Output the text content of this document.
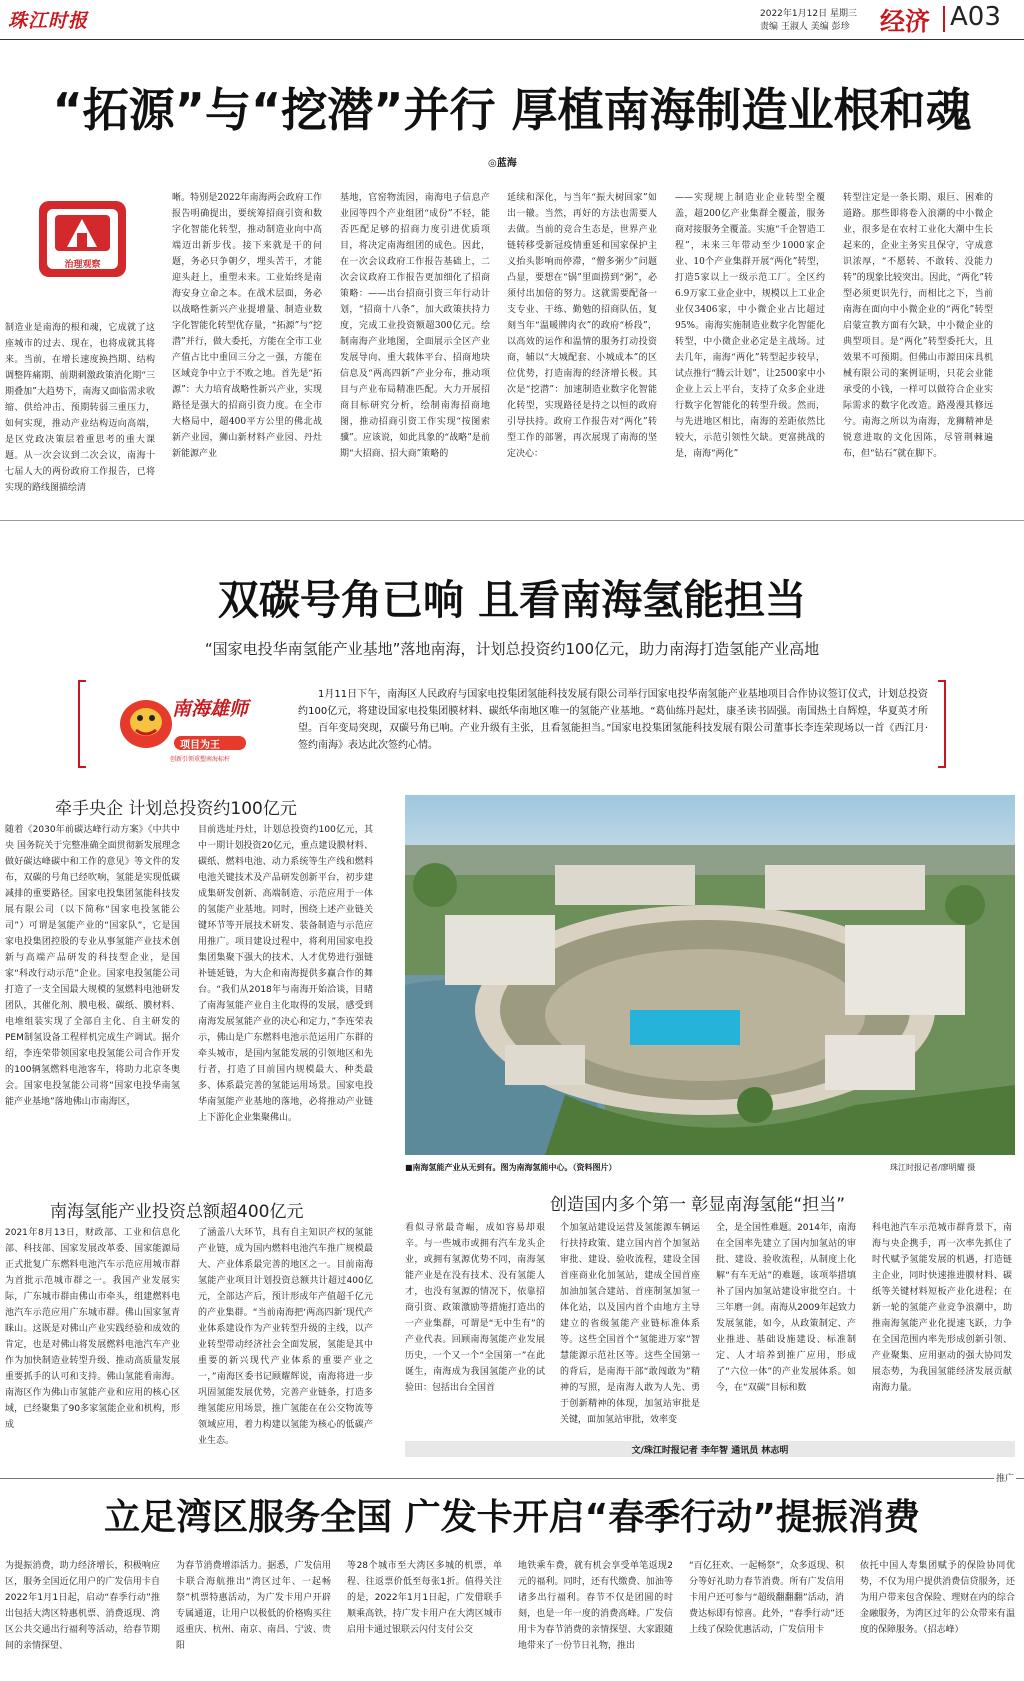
珠江时报	2022年1月12日 星期三
责编 王淑人 美编 彭珍 经济 A03
“拓源”与“挖潜”并行 厚植南海制造业根和魂
◎蓝海
治理观察
制造业是南海的根和魂，它成就了这座城市的过去、现在，也将成就其将来。当前，在增长速度换挡期、结构调整阵痛期、前期刺激政策消化期“三期叠加”大趋势下，南海又面临需求收缩、供给冲击、预期转弱三重压力，如何实现，推动产业结构迈向高端，是区党政决策层着重思考的重大课题。从一次会议到二次会议，南海十七届人大的两份政府工作报告，已将实现的路线图描绘清
晰。特别是2022年南海两会政府工作报告明确提出，要统筹招商引资和数字化智能化转型，推动制造业向中高端迈出新步伐。接下来就是干的问题，务必只争朝夕，埋头苦干，才能迎头赶上，重塑未来。工业始终是南海安身立命之本。在战术层面，务必以战略性新兴产业提增量、制造业数字化智能化转型优存量，“拓源”与“挖潜”并行，做大委托，方能在全市工业产值占比中重回三分之一强，方能在区域竞争中立于不败之地。首先是“拓源”：大力培育战略性新兴产业，实现路径是强大的招商引资力度。在全市大格局中，超400平方公里的佛北战新产业园，狮山新材料产业园、丹灶新能源产业
基地，官窑物流园，南海电子信息产业园等四个产业组团“成份”不轻，能否匹配足够的招商力度引进优质项目，将决定南海组团的成色。因此，在一次会议政府工作报告基础上，二次会议政府工作报告更加细化了招商策略：——出台招商引资三年行动计划，“招商十八条”，加大政策扶持力度，完成工业投资额超300亿元。绘制南海产业地图，全面展示全区产业发展导向、重大载体平台、招商地块信息及“两高四新”产业分布，推动项目与产业布局精准匹配。大力开展招商目标研究分析，绘制南海招商地图，推动招商引资工作实现“按图索骥”。应该说，如此具象的“战略”是前期“大招商、招大商”策略的
延续和深化，与当年“振大树回家”如出一辙。当然，再好的方法也需要人去做。当前的竞合生态是，世界产业链转移受新冠疫情重延和国家保护主义抬头影响而停滞，“僧多粥少”问题凸显，要想在“锅”里面捞到“粥”，必须付出加倍的努力。这就需要配备一支专业、干练、勤勉的招商队伍，复刻当年“温暖牌肉衣”的政府“桥段”，以高效的运作和温情的服务打动投资商，辅以“大城配套、小城成本”的区位优势，打造南海的经济增长极。其次是“挖潜”：加速制造业数字化智能化转型，实现路径是持之以恒的政府引导扶持。政府工作报告对“两化”转型工作的部署，再次展现了南海的坚定决心：
——实现规上制造业企业转型全覆盖，超200亿产业集群全覆盖，服务商对接服务全覆盖。实施“千企智造工程”，未来三年带动至少1000家企业、10个产业集群开展“两化”转型，打造5家以上一级示范工厂。全区约6.9万家工业企业中，规模以上工业企业仅3406家，中小微企业占比超过95%。南海实施制造业数字化智能化转型，中小微企业必定是主战场。过去几年，南海“两化”转型起步较早，试点推行“腾云计划”，让2500家中小企业上云上平台，支持了众多企业进行数字化智能化的转型升级。然而，与先进地区相比，南海的差距依然比较大，示范引领性欠缺。更富挑战的是，南海“两化”
转型注定是一条长期、艰巨、困难的道路。那些即将卷入浪潮的中小微企业，很多是在农村工业化大潮中生长起来的，企业主务实且保守，守成意识浓厚，“不愿转、不敢转、没能力转”的现象比较突出。因此，“两化”转型必须更识先行，而相比之下，当前南海在面向中小微企业的“两化”转型启蒙宣教方面有欠缺，中小微企业的典型项目。是“两化”转型委托大，且效果不可预期。但佛山市源田床具机械有限公司的案例证明，只花会业能承受的小钱，一样可以做符合企业实际需求的数字化改造。路漫漫其修远兮。南海之所以为南海，龙狮精神是锐意进取的文化因陈，尽管荆棘遍布，但“钻石”就在脚下。
双碳号角已响 且看南海氢能担当
“国家电投华南氢能产业基地”落地南海，计划总投资约100亿元，助力南海打造氢能产业高地
南海雄师
项目为王
创新引领重塑南海标杆
1月11日下午，南海区人民政府与国家电投集团氢能科技发展有限公司举行国家电投华南氢能产业基地项目合作协议签订仪式，计划总投资约100亿元，将建设国家电投集团膜材料、碳纸华南地区唯一的氢能产业基地。“葛仙练丹起灶，康圣读书固强。南国热土自辉煌，华夏英才所望。百年变局突现，双碳号角已响。产业升级有主张，且看氢能担当。”国家电投集团氢能科技发展有限公司董事长李连荣现场以一首《西江月·签约南海》表达此次签约心情。
牵手央企 计划总投资约100亿元
随着《2030年前碳达峰行动方案》《中共中央 国务院关于完整准确全面贯彻新发展理念做好碳达峰碳中和工作的意见》等文件的发布，双碳的号角已经吹响，氢能是实现低碳减排的重要路径。国家电投集团氢能科技发展有限公司（以下简称“国家电投氢能公司”）可谓是氢能产业的“国家队”，它是国家电投集团控股的专业从事氢能产业技术创新与高端产品研发的科技型企业，是国家“科改行动示范”企业。国家电投氢能公司打造了一支全国最大规模的氢燃料电池研发团队，其催化剂、膜电极、碳纸、膜材料、电堆组装实现了全部自主化、自主研发的PEM制氢设备工程样机完成生产调试。据介绍，李连荣带领国家电投氢能公司合作开发的100辆氢燃料电池客车，将助力北京冬奥会。国家电投氢能公司将“国家电投华南氢能产业基地”落地佛山市南海区，
目前选址丹灶，计划总投资约100亿元，其中一期计划投资20亿元，重点建设膜材料、碳纸、燃料电池、动力系统等生产线和燃料电池关键技术及产品研发创新平台，初步建成集研发创新、高端制造、示范应用于一体的氢能产业基地。同时，围绕上述产业链关键环节等开展技术研发、装备制造与示范应用推广。项目建设过程中，将利用国家电投集团集聚下强大的技术、人才优势进行强链补链延链，为大企和南海提供多赢合作的舞台。“我们从2018年与南海开始洽谈，目睹了南海氢能产业自主化取得的发展，感受到南海发展氢能产业的决心和定力，”李连荣表示，佛山是广东燃料电池示范运用广东群的牵头城市，是国内氢能发展的引领地区和先行者，打造了目前国内规模最大、种类最多、体系最完善的氢能运用场景。国家电投华南氢能产业基地的落地，必将推动产业链上下游化企业集聚佛山。
■南海氢能产业从无到有。图为南海氢能中心。（资料图片）	珠江时报记者/廖明耀 摄
南海氢能产业投资总额超400亿元
2021年8月13日，财政部、工业和信息化部、科技部、国家发展改革委、国家能源局正式批复广东燃料电池汽车示范应用城市群为首批示范城市群之一。我国产业发展实际，广东城市群由佛山市牵头，组建燃料电池汽车示范应用广东城市群。佛山国家氢青睐山。这既是对佛山产业实践经验和成效的肯定，也是对佛山将发展燃料电池汽车产业作为加快制造业转型升级、推动高质量发展重要抓手的认可和支持。佛山氢能看南海。南海区作为佛山市氢能产业和应用的核心区域，已经聚集了90多家氢能企业和机构，形成
了涵盖八大环节，具有自主知识产权的氢能产业链，成为国内燃料电池汽车推广规模最大、产业体系最完善的地区之一。目前南海氢能产业项目计划投资总额共计超过400亿元，全部达产后，预计形成年产值超千亿元的产业集群。“当前南海把‘两高四新’现代产业体系建设作为产业转型升级的主线，以产业转型带动经济社会全面发展，氢能是其中重要的新兴现代产业体系的重要产业之一，”南海区委书记顾耀辉说，南海将进一步巩固氢能发展优势，完善产业链条，打造多维氢能应用场景，推广氢能在在公交物流等领域应用，着力构建以氢能为核心的低碳产业生态。
创造国内多个第一 彰显南海氢能“担当”
看似寻常最奇崛，成如容易却艰辛。与一些城市或拥有汽车龙头企业，或拥有氢源优势不同，南海氢能产业是在没有技术、没有氢能人才，也没有氢源的情况下，依靠招商引资、政策激励等措施打造出的一产业集群，可谓是“无中生有”的产业代表。回顾南海氢能产业发展历史，一个又一个“全国第一”在此诞生，南海成为我国氢能产业的试验田：包括出台全国首
个加氢站建设运营及氢能源车辆运行扶持政策、建立国内首个加氢站审批、建设、验收流程，建设全国首座商业化加氢站，建成全国首座加油加氢合建站、首座制氢加氢一体化站，以及国内首个由地方主导建立的省级氢能产业链标准体系等。这些全国首个“氢能进万家”智慧能源示范社区等。这些全国第一的背后，是南海干部“敢闯敢为”精神的写照，是南海人敢为人先、勇于创新精神的体现，加氢站审批是关键，面加氢站审批，效率变
全，是全国性难题。2014年，南海在全国率先建立了国内加氢站的审批、建设、验收流程，从制度上化解“有车无站”的难题，该项举措填补了国内加氢站建设审批空白。十三年磨一剑。南海从2009年起致力发展氢能，如今，从政策制定、产业推进、基础设施建设、标准制定、人才培养到推广应用，形成了“六位一体”的产业发展体系。如今，在“双碳”目标和数
科电池汽车示范城市群背景下，南海与央企携手，再一次率先抓住了时代赋予氢能发展的机遇，打造链主企业，同时快速推进膜材料、碳纸等关键材料短板产业化进程；在新一轮的氢能产业竞争浪潮中，助推南海氢能产业化提速飞跃，力争在全国范围内率先形成创新引领、产业聚集、应用驱动的强大协同发展态势，为我国氢能经济发展贡献南海力量。
文/珠江时报记者 李年智 通讯员 林志明
推广
立足湾区服务全国 广发卡开启“春季行动”提振消费
为提振消费，助力经济增长，积极响应区，服务全国近亿用户的广发信用卡自2022年1月1日起，启动“春季行动”推出包括大湾区特惠机票、消费返现、湾区公共交通出行福利等活动，给春节期间的亲情探望、
为春节消费增添活力。据悉，广发信用卡联合海航推出“湾区过年、一起畅祭”机票特惠活动，为广发卡用户开辟专属通道，让用户以极低的价格购买往返重庆、杭州、南京、南昌、宁波、贵阳
等28个城市至大湾区多城的机票，单程、往返票价低至每张1折。值得关注的是，2022年1月1日起，广发借联手顺乘高铁，持广发卡用户在大湾区城市启用卡通过银联云闪付支付公交
地铁乘车费，就有机会享受单笔返现2元的福利。同时，还有代缴费、加油等诸多出行福利。春节不仅是团圆的时刻，也是一年一度的消费高峰。广发信用卡为春节消费的亲情探望、大家跟随地带来了一份节日礼物，推出
“百亿狂欢、一起畅祭”，众多返现、积分等好礼助力春节消费。所有广发信用卡用户还可参与“超级翻翻翻”活动，消费达标即有惊喜。此外，“春季行动”还上线了保险优惠活动，广发信用卡
依托中国人寿集团赋予的保险协同优势，不仅为用户提供消费信贷服务，还为用户带来包含保险、理财在内的综合金融服务，为湾区过年的公众带来有温度的保障服务。（招志峰）
